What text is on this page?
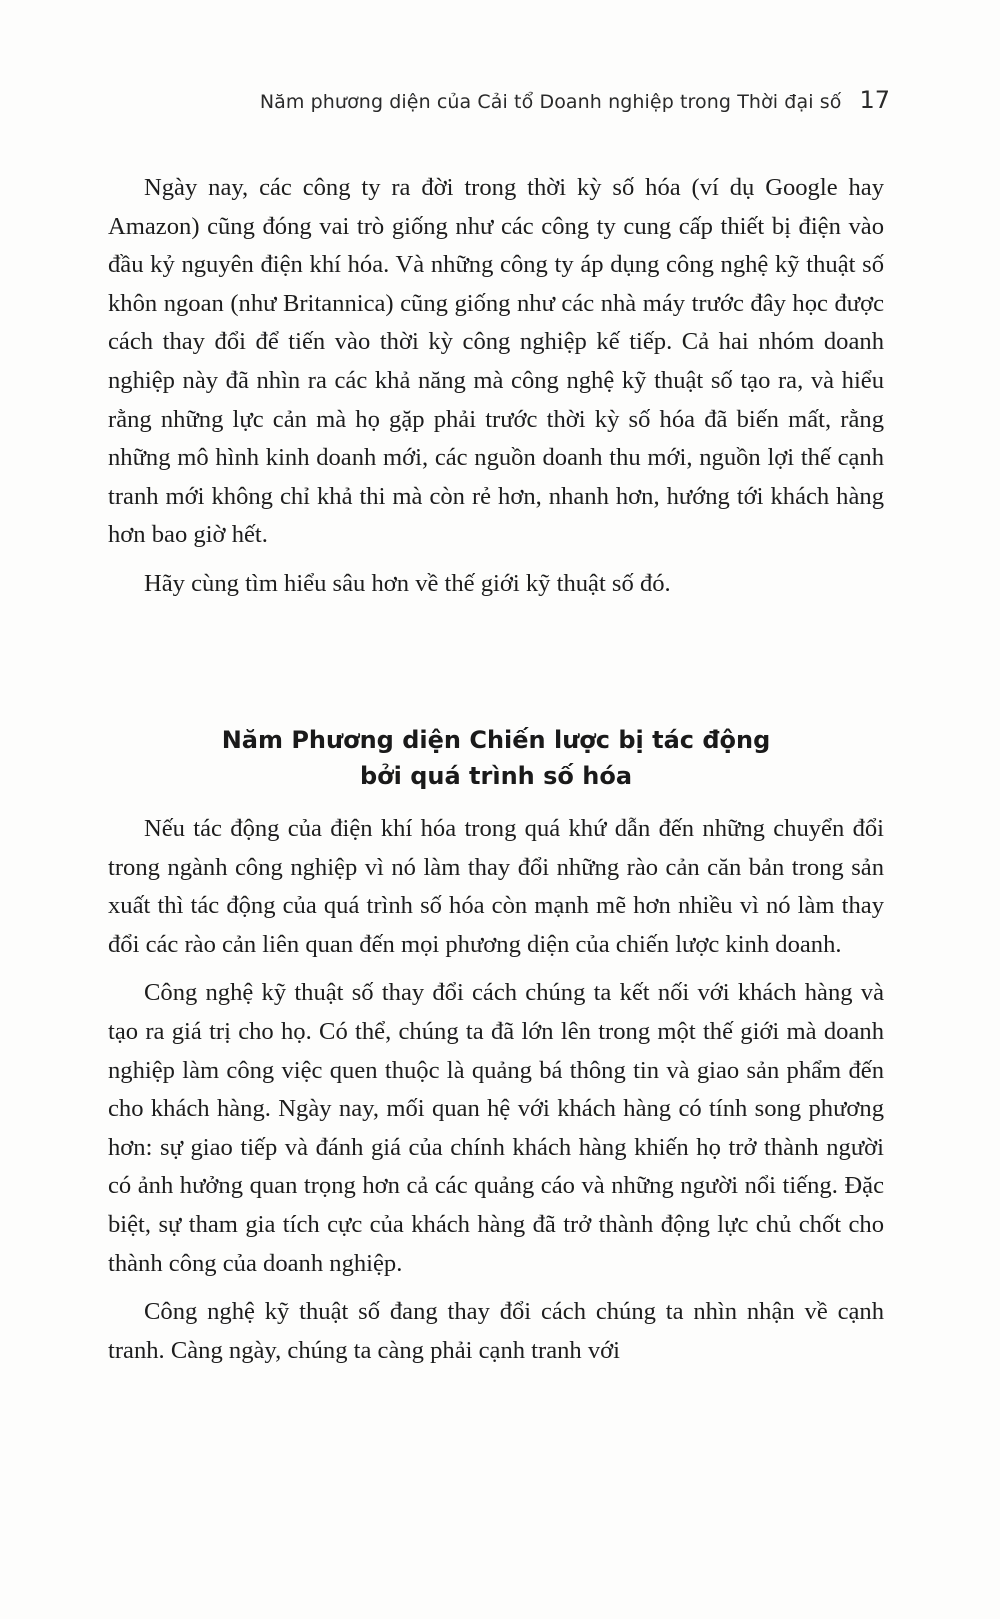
Năm phương diện của Cải tổ Doanh nghiệp trong Thời đại số 17

Ngày nay, các công ty ra đời trong thời kỳ số hóa (ví dụ Google hay Amazon) cũng đóng vai trò giống như các công ty cung cấp thiết bị điện vào đầu kỷ nguyên điện khí hóa. Và những công ty áp dụng công nghệ kỹ thuật số khôn ngoan (như Britannica) cũng giống như các nhà máy trước đây học được cách thay đổi để tiến vào thời kỳ công nghiệp kế tiếp. Cả hai nhóm doanh nghiệp này đã nhìn ra các khả năng mà công nghệ kỹ thuật số tạo ra, và hiểu rằng những lực cản mà họ gặp phải trước thời kỳ số hóa đã biến mất, rằng những mô hình kinh doanh mới, các nguồn doanh thu mới, nguồn lợi thế cạnh tranh mới không chỉ khả thi mà còn rẻ hơn, nhanh hơn, hướng tới khách hàng hơn bao giờ hết.

Hãy cùng tìm hiểu sâu hơn về thế giới kỹ thuật số đó.

Năm Phương diện Chiến lược bị tác động
bởi quá trình số hóa

Nếu tác động của điện khí hóa trong quá khứ dẫn đến những chuyển đổi trong ngành công nghiệp vì nó làm thay đổi những rào cản căn bản trong sản xuất thì tác động của quá trình số hóa còn mạnh mẽ hơn nhiều vì nó làm thay đổi các rào cản liên quan đến mọi phương diện của chiến lược kinh doanh.

Công nghệ kỹ thuật số thay đổi cách chúng ta kết nối với khách hàng và tạo ra giá trị cho họ. Có thể, chúng ta đã lớn lên trong một thế giới mà doanh nghiệp làm công việc quen thuộc là quảng bá thông tin và giao sản phẩm đến cho khách hàng. Ngày nay, mối quan hệ với khách hàng có tính song phương hơn: sự giao tiếp và đánh giá của chính khách hàng khiến họ trở thành người có ảnh hưởng quan trọng hơn cả các quảng cáo và những người nổi tiếng. Đặc biệt, sự tham gia tích cực của khách hàng đã trở thành động lực chủ chốt cho thành công của doanh nghiệp.

Công nghệ kỹ thuật số đang thay đổi cách chúng ta nhìn nhận về cạnh tranh. Càng ngày, chúng ta càng phải cạnh tranh với
